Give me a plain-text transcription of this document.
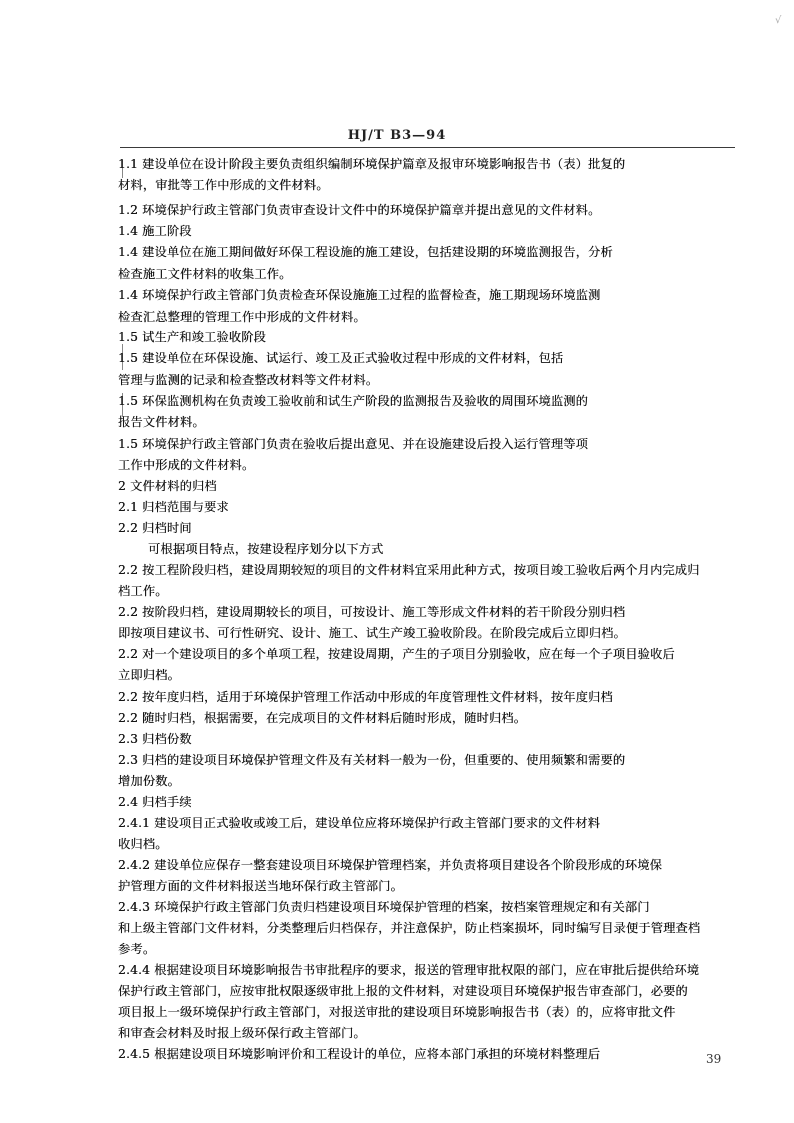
√
HJ/T B3—94
1.1 建设单位在设计阶段主要负责组织编制环境保护篇章及报审环境影响报告书（表）批复的
材料，审批等工作中形成的文件材料。
1.2 环境保护行政主管部门负责审查设计文件中的环境保护篇章并提出意见的文件材料。
1.4 施工阶段
1.4 建设单位在施工期间做好环保工程设施的施工建设，包括建设期的环境监测报告，分析
检查施工文件材料的收集工作。
1.4 环境保护行政主管部门负责检查环保设施施工过程的监督检查，施工期现场环境监测
检查汇总整理的管理工作中形成的文件材料。
1.5 试生产和竣工验收阶段
1.5 建设单位在环保设施、试运行、竣工及正式验收过程中形成的文件材料，包括
管理与监测的记录和检查整改材料等文件材料。
1.5 环保监测机构在负责竣工验收前和试生产阶段的监测报告及验收的周围环境监测的
报告文件材料。
1.5 环境保护行政主管部门负责在验收后提出意见、并在设施建设后投入运行管理等项
工作中形成的文件材料。
2 文件材料的归档
2.1 归档范围与要求
2.2 归档时间
可根据项目特点，按建设程序划分以下方式
2.2 按工程阶段归档，建设周期较短的项目的文件材料宜采用此种方式，按项目竣工验收后两个月内完成归
档工作。
2.2 按阶段归档，建设周期较长的项目，可按设计、施工等形成文件材料的若干阶段分别归档
即按项目建议书、可行性研究、设计、施工、试生产竣工验收阶段。在阶段完成后立即归档。
2.2 对一个建设项目的多个单项工程，按建设周期，产生的子项目分别验收，应在每一个子项目验收后
立即归档。
2.2 按年度归档，适用于环境保护管理工作活动中形成的年度管理性文件材料，按年度归档
2.2 随时归档，根据需要，在完成项目的文件材料后随时形成，随时归档。
2.3 归档份数
2.3 归档的建设项目环境保护管理文件及有关材料一般为一份，但重要的、使用频繁和需要的
增加份数。
2.4 归档手续
2.4.1 建设项目正式验收或竣工后，建设单位应将环境保护行政主管部门要求的文件材料
收归档。
2.4.2 建设单位应保存一整套建设项目环境保护管理档案，并负责将项目建设各个阶段形成的环境保
护管理方面的文件材料报送当地环保行政主管部门。
2.4.3 环境保护行政主管部门负责归档建设项目环境保护管理的档案，按档案管理规定和有关部门
和上级主管部门文件材料，分类整理后归档保存，并注意保护，防止档案损坏，同时编写目录便于管理查档
参考。
2.4.4 根据建设项目环境影响报告书审批程序的要求，报送的管理审批权限的部门，应在审批后提供给环境
保护行政主管部门，应按审批权限逐级审批上报的文件材料，对建设项目环境保护报告审查部门，必要的
项目报上一级环境保护行政主管部门，对报送审批的建设项目环境影响报告书（表）的，应将审批文件
和审查会材料及时报上级环保行政主管部门。
2.4.5 根据建设项目环境影响评价和工程设计的单位，应将本部门承担的环境材料整理后	39
